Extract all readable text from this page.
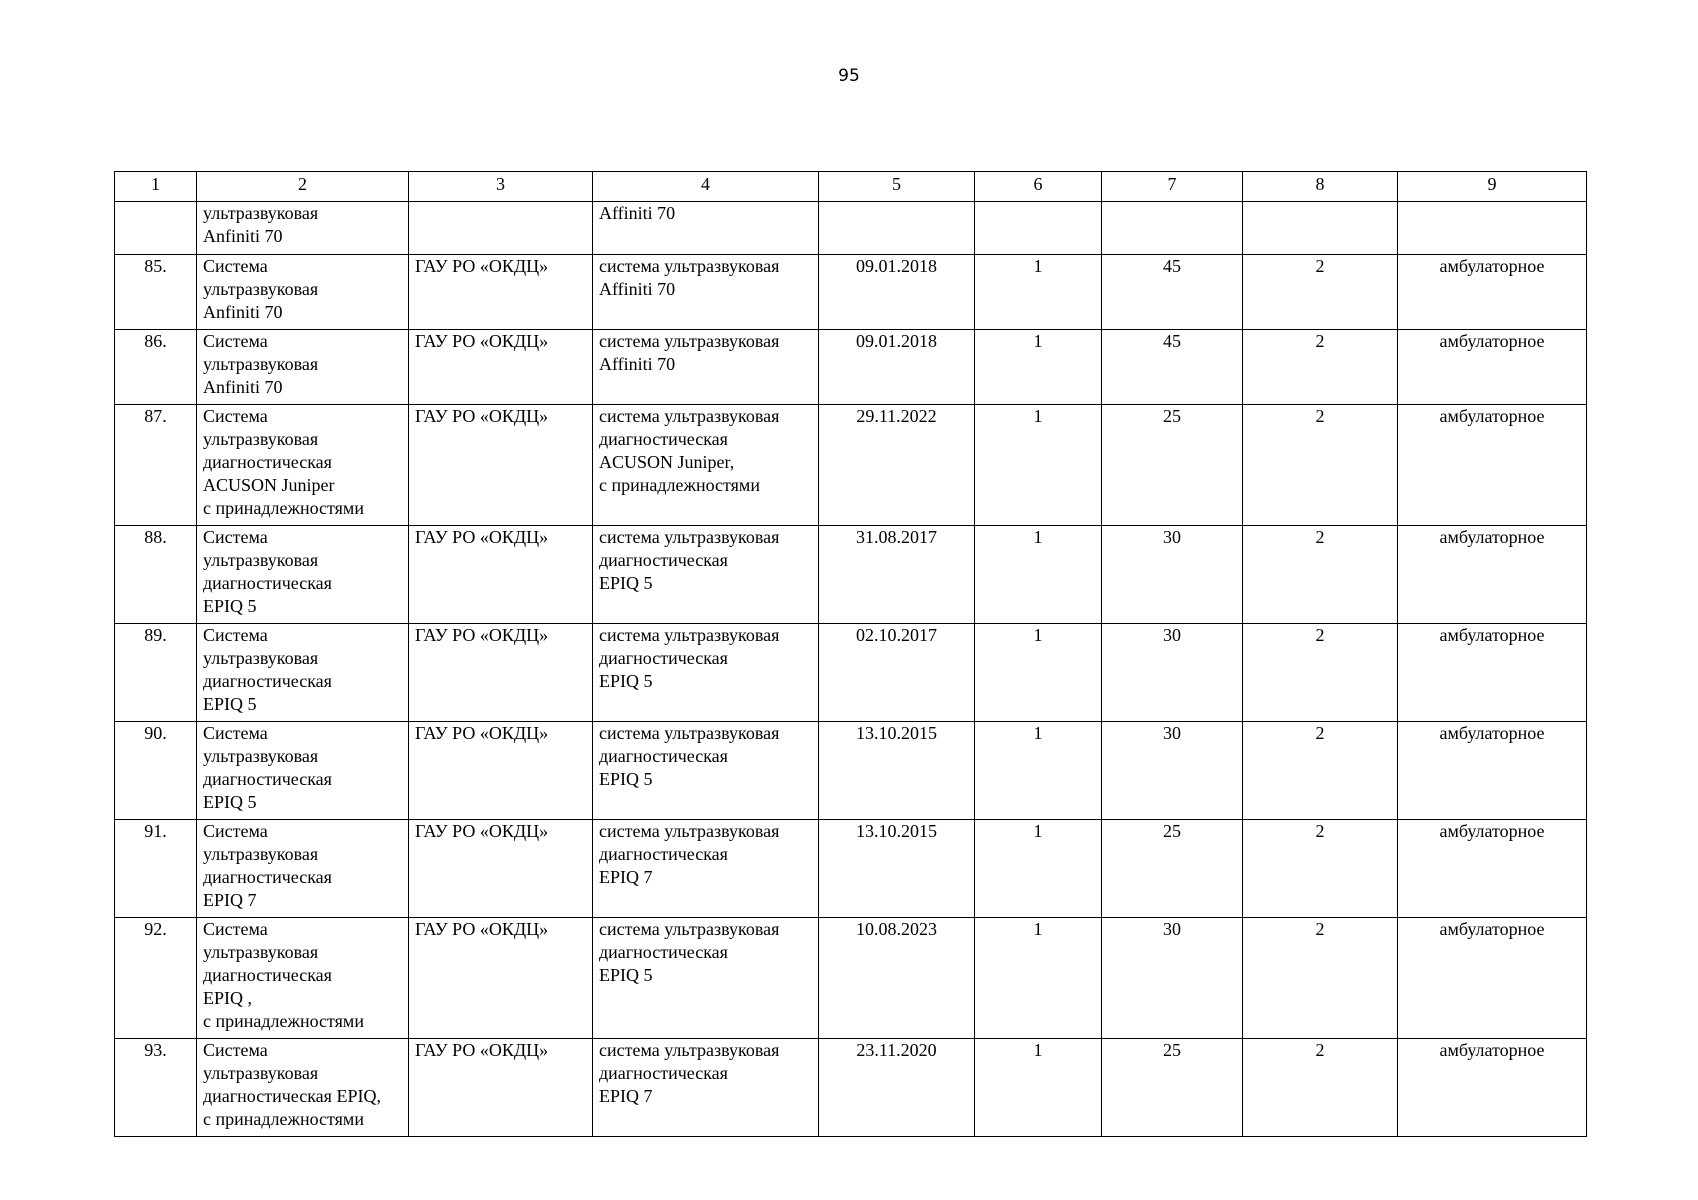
95
1	2	3	4	5	6	7	8	9
	ультразвуковая
Anfiniti 70		Affiniti 70					
85.	Система
ультразвуковая
Anfiniti 70	ГАУ РО «ОКДЦ»	система ультразвуковая
Affiniti 70	09.01.2018	1	45	2	амбулаторное
86.	Система
ультразвуковая
Anfiniti 70	ГАУ РО «ОКДЦ»	система ультразвуковая
Affiniti 70	09.01.2018	1	45	2	амбулаторное
87.	Система
ультразвуковая
диагностическая
ACUSON Juniper
с принадлежностями	ГАУ РО «ОКДЦ»	система ультразвуковая
диагностическая
ACUSON Juniper,
с принадлежностями	29.11.2022	1	25	2	амбулаторное
88.	Система
ультразвуковая
диагностическая
EPIQ 5	ГАУ РО «ОКДЦ»	система ультразвуковая
диагностическая
EPIQ 5	31.08.2017	1	30	2	амбулаторное
89.	Система
ультразвуковая
диагностическая
EPIQ 5	ГАУ РО «ОКДЦ»	система ультразвуковая
диагностическая
EPIQ 5	02.10.2017	1	30	2	амбулаторное
90.	Система
ультразвуковая
диагностическая
EPIQ 5	ГАУ РО «ОКДЦ»	система ультразвуковая
диагностическая
EPIQ 5	13.10.2015	1	30	2	амбулаторное
91.	Система
ультразвуковая
диагностическая
EPIQ 7	ГАУ РО «ОКДЦ»	система ультразвуковая
диагностическая
EPIQ 7	13.10.2015	1	25	2	амбулаторное
92.	Система
ультразвуковая
диагностическая
EPIQ ,
с принадлежностями	ГАУ РО «ОКДЦ»	система ультразвуковая
диагностическая
EPIQ 5	10.08.2023	1	30	2	амбулаторное
93.	Система
ультразвуковая
диагностическая EPIQ,
с принадлежностями	ГАУ РО «ОКДЦ»	система ультразвуковая
диагностическая
EPIQ 7	23.11.2020	1	25	2	амбулаторное
